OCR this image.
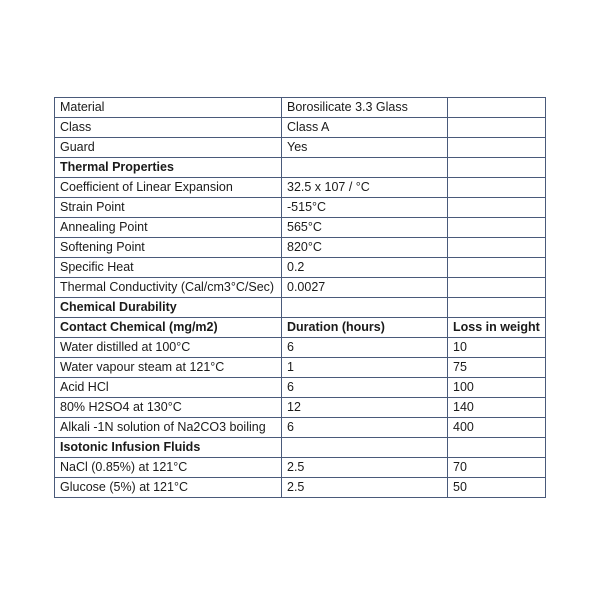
Material	Borosilicate 3.3 Glass	
Class	Class A	
Guard	Yes	
Thermal Properties		
Coefficient of Linear Expansion	32.5 x 107 / °C	
Strain Point	-515°C	
Annealing Point	565°C	
Softening Point	820°C	
Specific Heat	0.2	
Thermal Conductivity (Cal/cm3°C/Sec)	0.0027	
Chemical Durability		
Contact Chemical (mg/m2)	Duration (hours)	Loss in weight
Water distilled at 100°C	6	10
Water vapour steam at 121°C	1	75
Acid HCl	6	100
80% H2SO4 at 130°C	12	140
Alkali -1N solution of Na2CO3 boiling	6	400
Isotonic Infusion Fluids		
NaCl (0.85%) at 121°C	2.5	70
Glucose (5%) at 121°C	2.5	50
